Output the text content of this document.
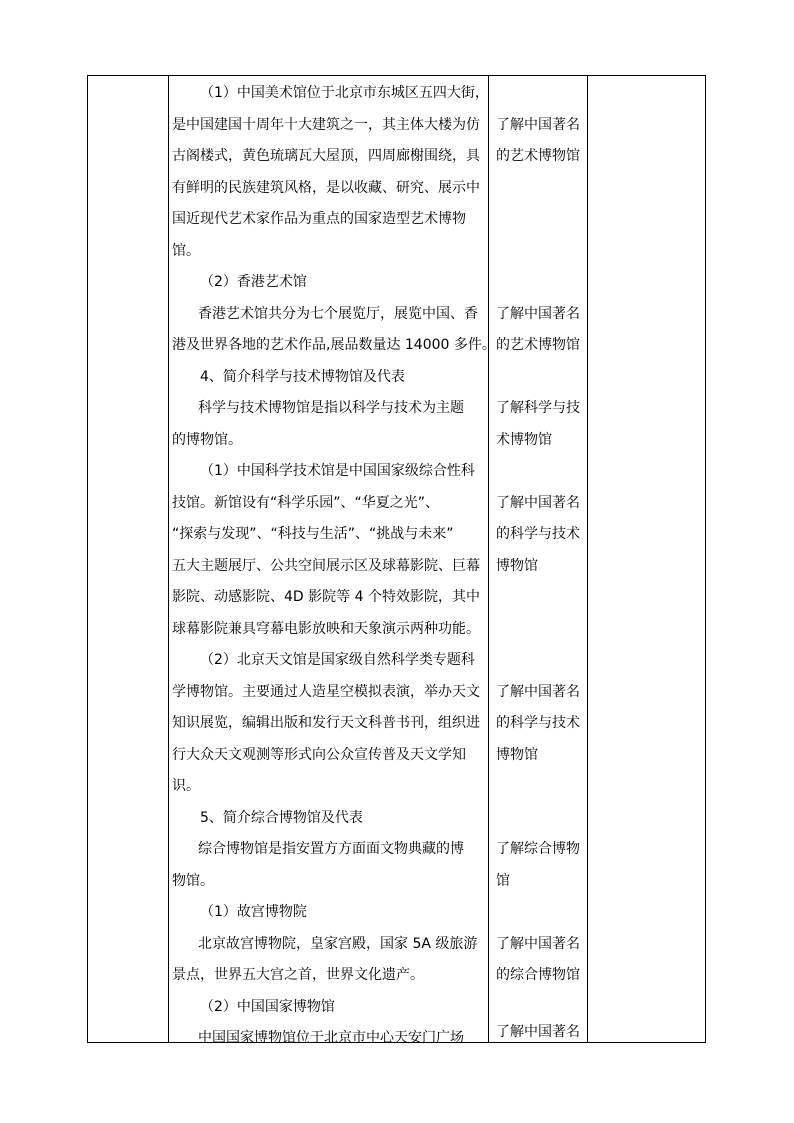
（1）中国美术馆位于北京市东城区五四大街，
是中国建国十周年十大建筑之一，其主体大楼为仿
古阁楼式，黄色琉璃瓦大屋顶，四周廊榭围绕，具
有鲜明的民族建筑风格，是以收藏、研究、展示中
国近现代艺术家作品为重点的国家造型艺术博物
馆。
（2）香港艺术馆
香港艺术馆共分为七个展览厅，展览中国、香
港及世界各地的艺术作品,展品数量达 14000 多件。
4、简介科学与技术博物馆及代表
科学与技术博物馆是指以科学与技术为主题
的博物馆。
（1）中国科学技术馆是中国国家级综合性科
技馆。新馆设有“科学乐园”、“华夏之光”、
“探索与发现”、“科技与生活”、“挑战与未来”
五大主题展厅、公共空间展示区及球幕影院、巨幕
影院、动感影院、4D 影院等 4 个特效影院，其中
球幕影院兼具穹幕电影放映和天象演示两种功能。
（2）北京天文馆是国家级自然科学类专题科
学博物馆。主要通过人造星空模拟表演，举办天文
知识展览，编辑出版和发行天文科普书刊，组织进
行大众天文观测等形式向公众宣传普及天文学知
识。
5、简介综合博物馆及代表
综合博物馆是指安置方方面面文物典藏的博
物馆。
（1）故宫博物院
北京故宫博物院，皇家宫殿，国家 5A 级旅游
景点，世界五大宫之首，世界文化遗产。
（2）中国国家博物馆
中国国家博物馆位于北京市中心天安门广场
了解中国著名
的艺术博物馆
了解中国著名
的艺术博物馆
了解科学与技
术博物馆
了解中国著名
的科学与技术
博物馆
了解中国著名
的科学与技术
博物馆
了解综合博物
馆
了解中国著名
的综合博物馆
了解中国著名
